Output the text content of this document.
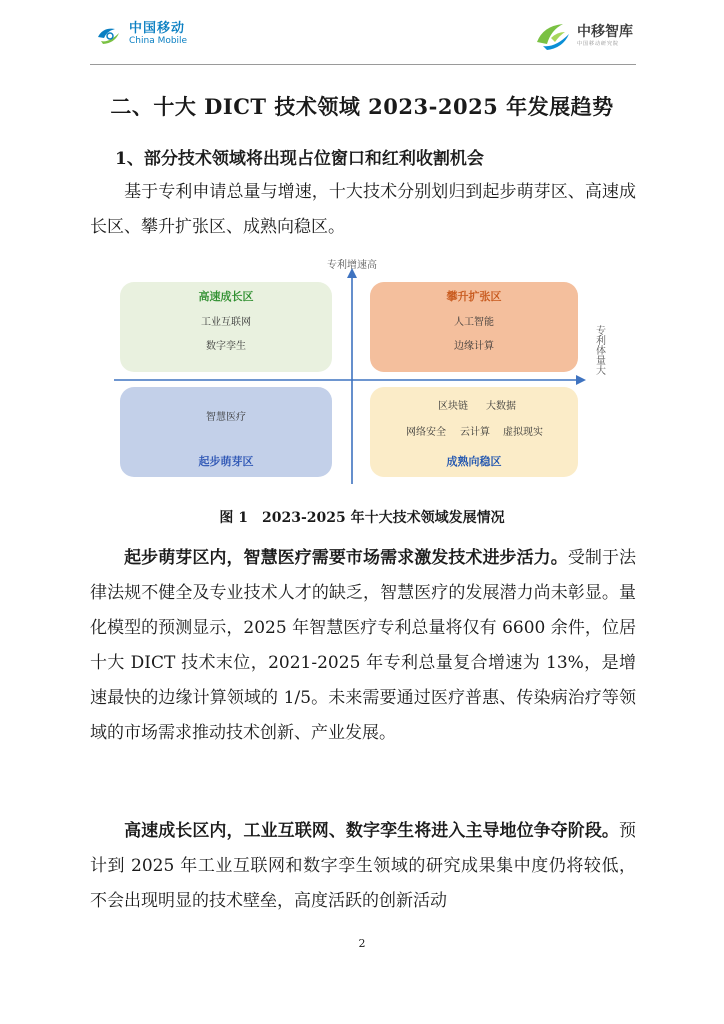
中国移动
China Mobile
中移智库
中国移动研究院
二、十大 DICT 技术领域 2023-2025 年发展趋势
1、部分技术领域将出现占位窗口和红利收割机会
基于专利申请总量与增速，十大技术分别划归到起步萌芽区、高速成长区、攀升扩张区、成熟向稳区。
专利增速高
专利体量大
高速成长区	攀升扩张区
起步萌芽区	成熟向稳区
工业互联网
数字孪生
人工智能
边缘计算
智慧医疗
区块链 大数据
网络安全 云计算 虚拟现实
图 1　2023-2025 年十大技术领域发展情况
起步萌芽区内，智慧医疗需要市场需求激发技术进步活力。受制于法律法规不健全及专业技术人才的缺乏，智慧医疗的发展潜力尚未彰显。量化模型的预测显示，2025 年智慧医疗专利总量将仅有 6600 余件，位居十大 DICT 技术末位，2021-2025 年专利总量复合增速为 13%，是增速最快的边缘计算领域的 1/5。未来需要通过医疗普惠、传染病治疗等领域的市场需求推动技术创新、产业发展。
高速成长区内，工业互联网、数字孪生将进入主导地位争夺阶段。预计到 2025 年工业互联网和数字孪生领域的研究成果集中度仍将较低，不会出现明显的技术壁垒，高度活跃的创新活动
2
